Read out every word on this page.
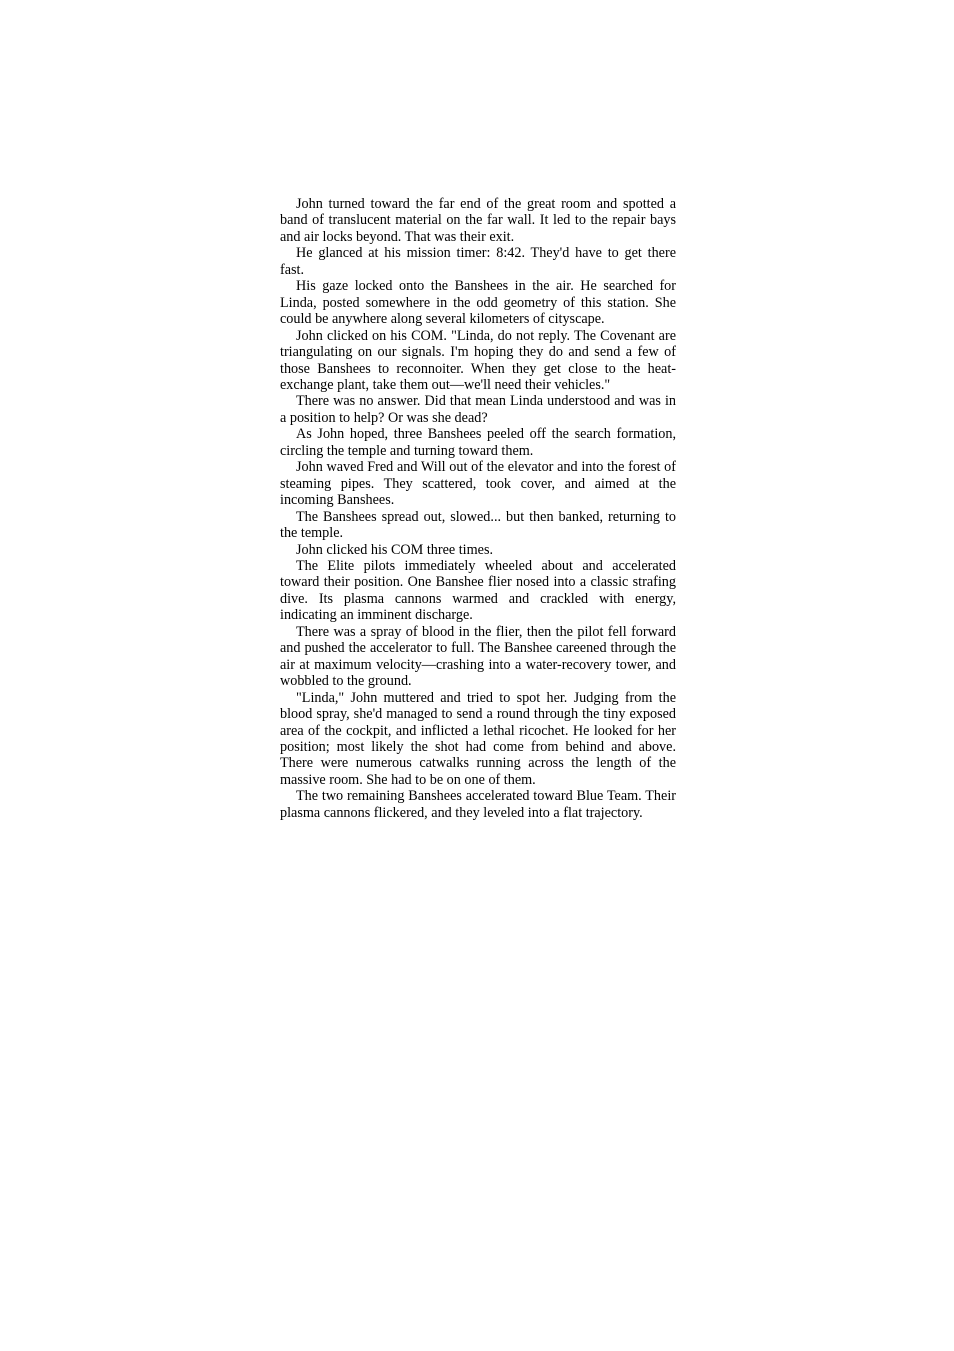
John turned toward the far end of the great room and spotted a band of translucent material on the far wall. It led to the repair bays and air locks beyond. That was their exit.

He glanced at his mission timer: 8:42. They'd have to get there fast.

His gaze locked onto the Banshees in the air. He searched for Linda, posted somewhere in the odd geometry of this station. She could be anywhere along several kilometers of cityscape.

John clicked on his COM. "Linda, do not reply. The Covenant are triangulating on our signals. I'm hoping they do and send a few of those Banshees to reconnoiter. When they get close to the heat-exchange plant, take them out—we'll need their vehicles."

There was no answer. Did that mean Linda understood and was in a position to help? Or was she dead?

As John hoped, three Banshees peeled off the search formation, circling the temple and turning toward them.

John waved Fred and Will out of the elevator and into the forest of steaming pipes. They scattered, took cover, and aimed at the incoming Banshees.

The Banshees spread out, slowed... but then banked, returning to the temple.

John clicked his COM three times.

The Elite pilots immediately wheeled about and accelerated toward their position. One Banshee flier nosed into a classic strafing dive. Its plasma cannons warmed and crackled with energy, indicating an imminent discharge.

There was a spray of blood in the flier, then the pilot fell forward and pushed the accelerator to full. The Banshee careened through the air at maximum velocity—crashing into a water-recovery tower, and wobbled to the ground.

"Linda," John muttered and tried to spot her. Judging from the blood spray, she'd managed to send a round through the tiny exposed area of the cockpit, and inflicted a lethal ricochet. He looked for her position; most likely the shot had come from behind and above. There were numerous catwalks running across the length of the massive room. She had to be on one of them.

The two remaining Banshees accelerated toward Blue Team. Their plasma cannons flickered, and they leveled into a flat trajectory.
